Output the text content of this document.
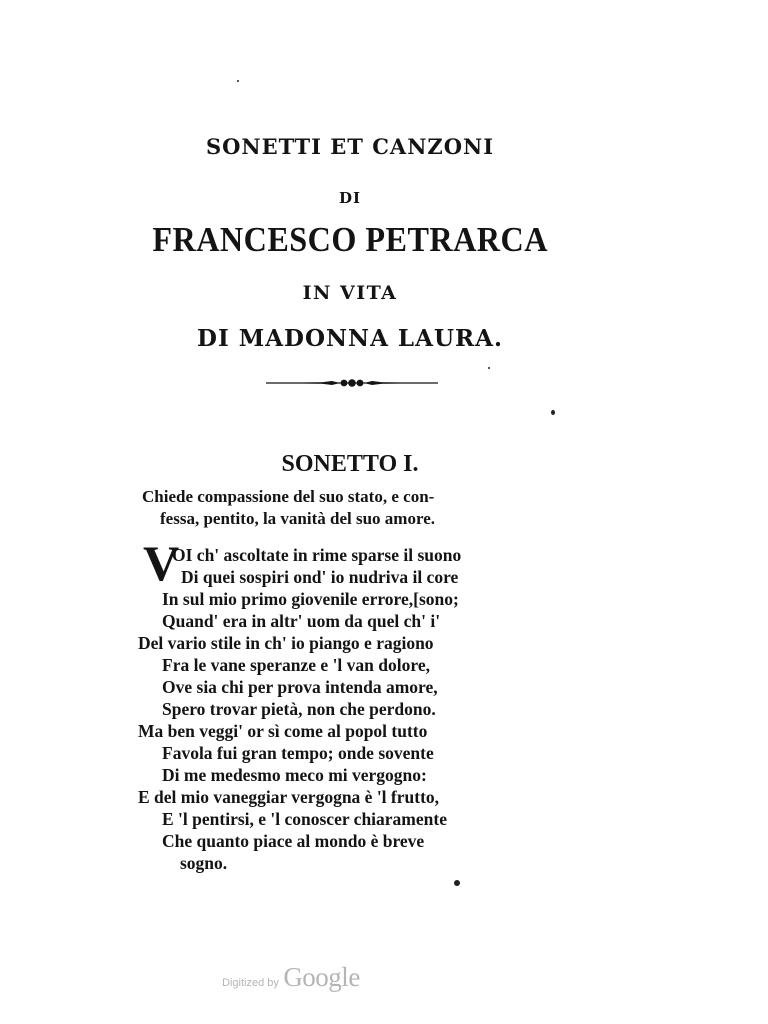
SONETTI ET CANZONI
DI
FRANCESCO PETRARCA
IN VITA
DI MADONNA LAURA.
SONETTO I.
Chiede compassione del suo stato, e con-
fessa, pentito, la vanità del suo amore.
V
OI ch' ascoltate in rime sparse il suono
Di quei sospiri ond' io nudriva il core
In sul mio primo giovenile errore,[sono;
Quand' era in altr' uom da quel ch' i'
Del vario stile in ch' io piango e ragiono
Fra le vane speranze e 'l van dolore,
Ove sia chi per prova intenda amore,
Spero trovar pietà, non che perdono.
Ma ben veggi' or sì come al popol tutto
Favola fui gran tempo; onde sovente
Di me medesmo meco mi vergogno:
E del mio vaneggiar vergogna è 'l frutto,
E 'l pentirsi, e 'l conoscer chiaramente
Che quanto piace al mondo è breve
sogno.
Digitized by Google
